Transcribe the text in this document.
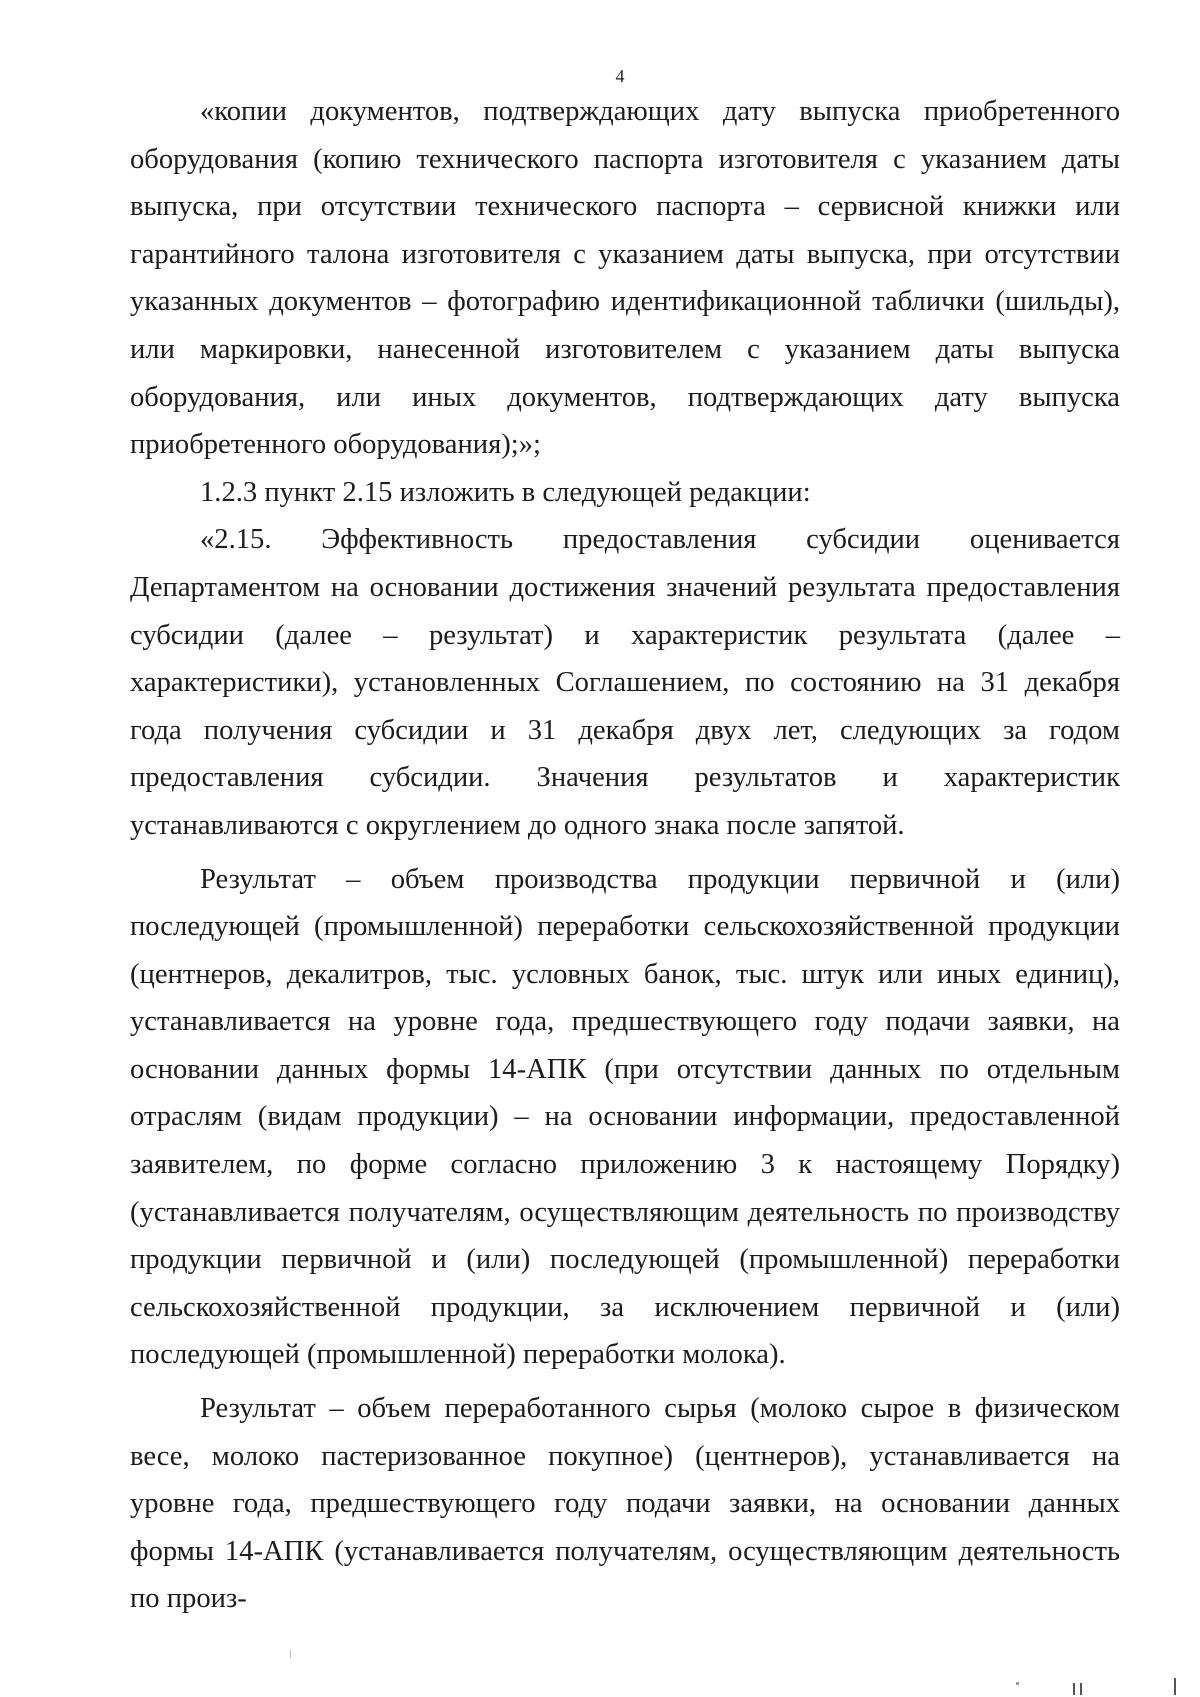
4

«копии документов, подтверждающих дату выпуска приобретенного оборудования (копию технического паспорта изготовителя с указанием даты выпуска, при отсутствии технического паспорта – сервисной книжки или гарантийного талона изготовителя с указанием даты выпуска, при отсутствии указанных документов – фотографию идентификационной таблички (шильды), или маркировки, нанесенной изготовителем с указанием даты выпуска оборудования, или иных документов, подтверждающих дату выпуска приобретенного оборудования);»;

1.2.3 пункт 2.15 изложить в следующей редакции:

«2.15. Эффективность предоставления субсидии оценивается Департаментом на основании достижения значений результата предоставления субсидии (далее – результат) и характеристик результата (далее – характеристики), установленных Соглашением, по состоянию на 31 декабря года получения субсидии и 31 декабря двух лет, следующих за годом предоставления субсидии. Значения результатов и характеристик устанавливаются с округлением до одного знака после запятой.

Результат – объем производства продукции первичной и (или) последующей (промышленной) переработки сельскохозяйственной продукции (центнеров, декалитров, тыс. условных банок, тыс. штук или иных единиц), устанавливается на уровне года, предшествующего году подачи заявки, на основании данных формы 14-АПК (при отсутствии данных по отдельным отраслям (видам продукции) – на основании информации, предоставленной заявителем, по форме согласно приложению 3 к настоящему Порядку) (устанавливается получателям, осуществляющим деятельность по производству продукции первичной и (или) последующей (промышленной) переработки сельскохозяйственной продукции, за исключением первичной и (или) последующей (промышленной) переработки молока).

Результат – объем переработанного сырья (молоко сырое в физическом весе, молоко пастеризованное покупное) (центнеров), устанавливается на уровне года, предшествующего году подачи заявки, на основании данных формы 14-АПК (устанавливается получателям, осуществляющим деятельность по произ-
